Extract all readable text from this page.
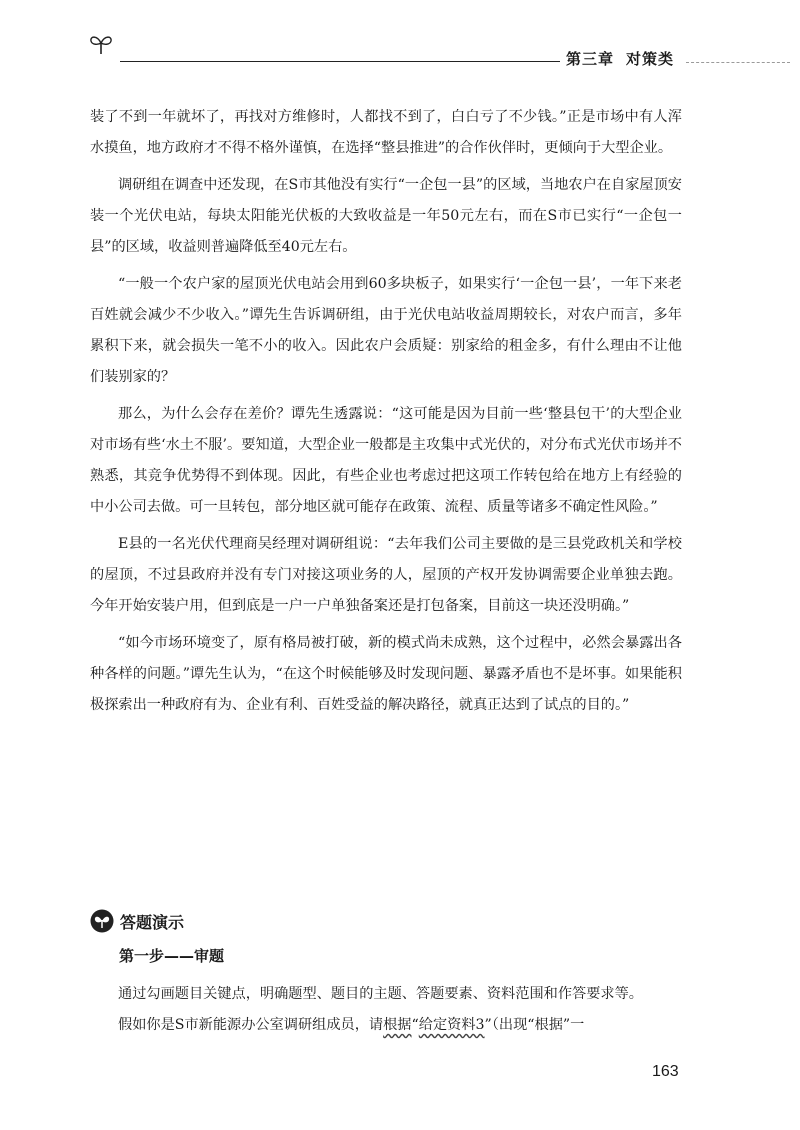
第三章 对策类

装了不到一年就坏了，再找对方维修时，人都找不到了，白白亏了不少钱。”正是市场中有人浑水摸鱼，地方政府才不得不格外谨慎，在选择“整县推进”的合作伙伴时，更倾向于大型企业。

调研组在调查中还发现，在S市其他没有实行“一企包一县”的区域，当地农户在自家屋顶安装一个光伏电站，每块太阳能光伏板的大致收益是一年50元左右，而在S市已实行“一企包一县”的区域，收益则普遍降低至40元左右。

“一般一个农户家的屋顶光伏电站会用到60多块板子，如果实行‘一企包一县’，一年下来老百姓就会减少不少收入。”谭先生告诉调研组，由于光伏电站收益周期较长，对农户而言，多年累积下来，就会损失一笔不小的收入。因此农户会质疑：别家给的租金多，有什么理由不让他们装别家的？

那么，为什么会存在差价？谭先生透露说：“这可能是因为目前一些‘整县包干’的大型企业对市场有些‘水土不服’。要知道，大型企业一般都是主攻集中式光伏的，对分布式光伏市场并不熟悉，其竞争优势得不到体现。因此，有些企业也考虑过把这项工作转包给在地方上有经验的中小公司去做。可一旦转包，部分地区就可能存在政策、流程、质量等诸多不确定性风险。”

E县的一名光伏代理商吴经理对调研组说：“去年我们公司主要做的是三县党政机关和学校的屋顶，不过县政府并没有专门对接这项业务的人，屋顶的产权开发协调需要企业单独去跑。今年开始安装户用，但到底是一户一户单独备案还是打包备案，目前这一块还没明确。”

“如今市场环境变了，原有格局被打破，新的模式尚未成熟，这个过程中，必然会暴露出各种各样的问题。”谭先生认为，“在这个时候能够及时发现问题、暴露矛盾也不是坏事。如果能积极探索出一种政府有为、企业有利、百姓受益的解决路径，就真正达到了试点的目的。”

答题演示
第一步——审题

通过勾画题目关键点，明确题型、题目的主题、答题要素、资料范围和作答要求等。

假如你是S市新能源办公室调研组成员，请根据“给定资料3”（出现“根据”一

163
